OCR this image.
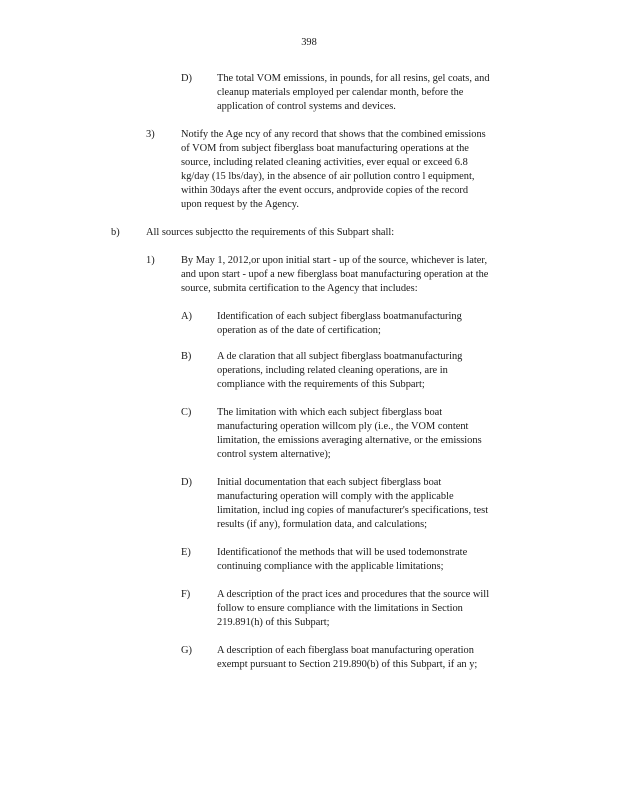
398
D) The total VOM emissions, in pounds, for all resins, gel coats, and
cleanup materials employed per calendar month, before the
application of control systems and devices.
3)	Notify the Age ncy of any record that shows that the combined emissions
of VOM from subject fiberglass boat manufacturing operations at the
source, including related cleaning activities, ever equal or exceed 6.8
kg/day (15 lbs/day), in the absence of air pollution contro l equipment,
within 30days after the event occurs, andprovide copies of the record
upon request by the Agency.
b)	All sources subjectto the requirements of this Subpart shall:
1)	By May 1, 2012,or upon initial start - up of the source, whichever is later,
and upon start - upof a new fiberglass boat manufacturing operation at the
source, submita certification to the Agency that includes:
A) Identification of each subject fiberglass boatmanufacturing
operation as of the date of certification;
B) A de claration that all subject fiberglass boatmanufacturing
operations, including related cleaning operations, are in
compliance with the requirements of this Subpart;
C) The limitation with which each subject fiberglass boat
manufacturing operation willcom ply (i.e., the VOM content
limitation, the emissions averaging alternative, or the emissions
control system alternative);
D) Initial documentation that each subject fiberglass boat
manufacturing operation will comply with the applicable
limitation, includ ing copies of manufacturer's specifications, test
results (if any), formulation data, and calculations;
E)	Identificationof the methods that will be used todemonstrate
continuing compliance with the applicable limitations;
F)	A description of the pract ices and procedures that the source will
follow to ensure compliance with the limitations in Section
219.891(h) of this Subpart;
G) A description of each fiberglass boat manufacturing operation
exempt pursuant to Section 219.890(b) of this Subpart, if an y;
